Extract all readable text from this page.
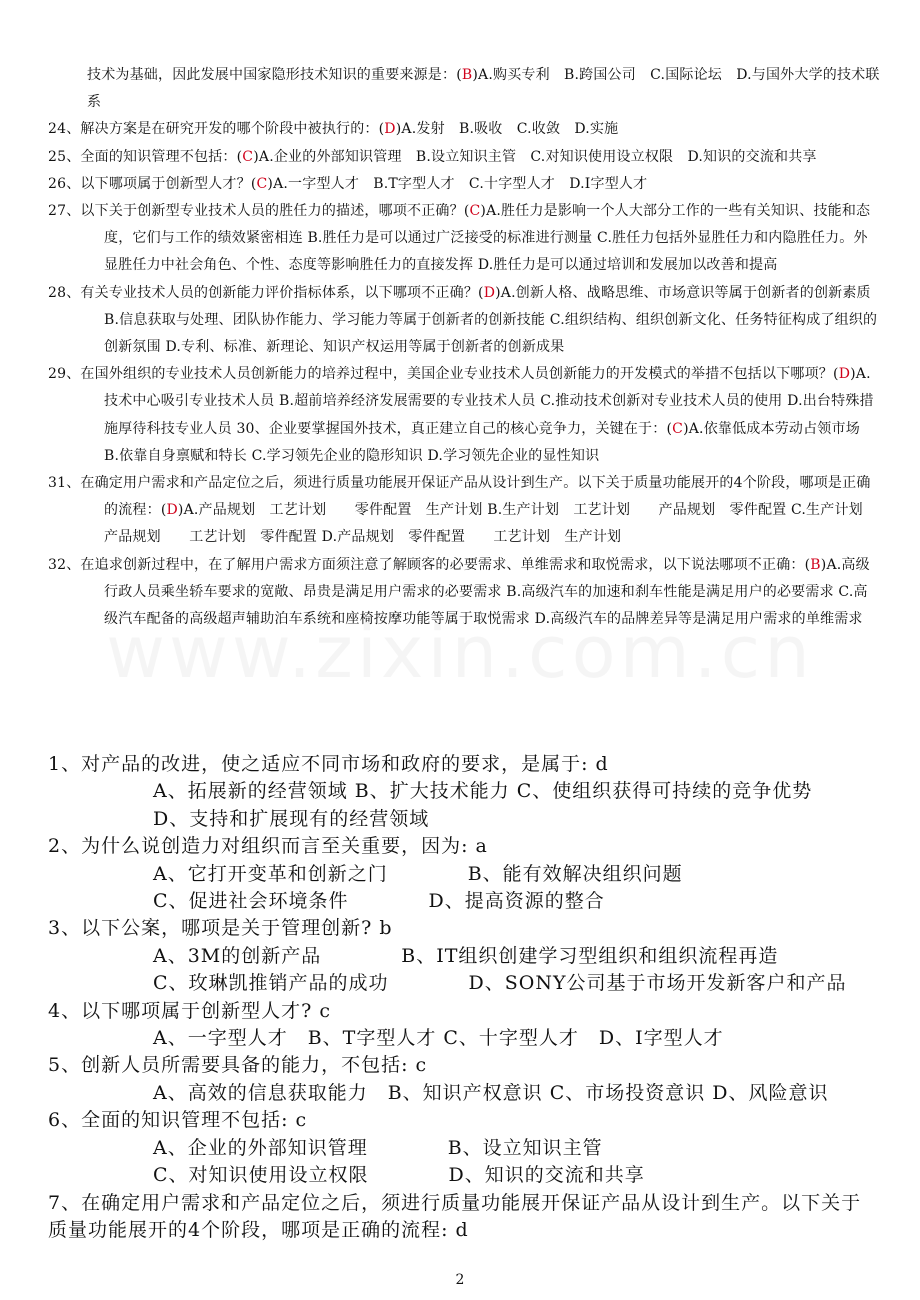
技术为基础，因此发展中国家隐形技术知识的重要来源是：(B)A.购买专利　B.跨国公司　C.国际论坛　D.与国外大学的技术联系

24、解决方案是在研究开发的哪个阶段中被执行的：(D)A.发射　B.吸收　C.收敛　D.实施

25、全面的知识管理不包括：(C)A.企业的外部知识管理　B.设立知识主管　C.对知识使用设立权限　D.知识的交流和共享

26、以下哪项属于创新型人才？(C)A.一字型人才　B.T字型人才　C.十字型人才　D.I字型人才

27、以下关于创新型专业技术人员的胜任力的描述，哪项不正确？(C)A.胜任力是影响一个人大部分工作的一些有关知识、技能和态度，它们与工作的绩效紧密相连 B.胜任力是可以通过广泛接受的标准进行测量 C.胜任力包括外显胜任力和内隐胜任力。外显胜任力中社会角色、个性、态度等影响胜任力的直接发挥 D.胜任力是可以通过培训和发展加以改善和提高

28、有关专业技术人员的创新能力评价指标体系，以下哪项不正确？(D)A.创新人格、战略思维、市场意识等属于创新者的创新素质 B.信息获取与处理、团队协作能力、学习能力等属于创新者的创新技能 C.组织结构、组织创新文化、任务特征构成了组织的创新氛围 D.专利、标准、新理论、知识产权运用等属于创新者的创新成果

29、在国外组织的专业技术人员创新能力的培养过程中，美国企业专业技术人员创新能力的开发模式的举措不包括以下哪项？(D)A.技术中心吸引专业技术人员 B.超前培养经济发展需要的专业技术人员 C.推动技术创新对专业技术人员的使用 D.出台特殊措施厚待科技专业人员 30、企业要掌握国外技术，真正建立自己的核心竞争力，关键在于：(C)A.依靠低成本劳动占领市场 B.依靠自身禀赋和特长 C.学习领先企业的隐形知识 D.学习领先企业的显性知识

31、在确定用户需求和产品定位之后，须进行质量功能展开保证产品从设计到生产。以下关于质量功能展开的4个阶段，哪项是正确的流程：(D)A.产品规划　工艺计划　　零件配置　生产计划 B.生产计划　工艺计划　　产品规划　零件配置 C.生产计划　产品规划　　工艺计划　零件配置 D.产品规划　零件配置　　工艺计划　生产计划

32、在追求创新过程中，在了解用户需求方面须注意了解顾客的必要需求、单维需求和取悦需求，以下说法哪项不正确：(B)A.高级行政人员乘坐轿车要求的宽敞、昂贵是满足用户需求的必要需求 B.高级汽车的加速和刹车性能是满足用户的必要需求 C.高级汽车配备的高级超声辅助泊车系统和座椅按摩功能等属于取悦需求 D.高级汽车的品牌差异等是满足用户需求的单维需求

1、对产品的改进，使之适应不同市场和政府的要求，是属于: d

A、拓展新的经营领域 B、扩大技术能力 C、使组织获得可持续的竞争优势

D、支持和扩展现有的经营领域

2、为什么说创造力对组织而言至关重要，因为: a

A、它打开变革和创新之门　　　　B、能有效解决组织问题

C、促进社会环境条件　　　　D、提高资源的整合

3、以下公案，哪项是关于管理创新? b

A、3M的创新产品　　　　B、IT组织创建学习型组织和组织流程再造

C、玫琳凯推销产品的成功　　　　D、SONY公司基于市场开发新客户和产品

4、以下哪项属于创新型人才? c

A、一字型人才　B、T字型人才 C、十字型人才　D、I字型人才

5、创新人员所需要具备的能力，不包括: c

A、高效的信息获取能力　B、知识产权意识 C、市场投资意识 D、风险意识

6、全面的知识管理不包括: c

A、企业的外部知识管理　　　　B、设立知识主管

C、对知识使用设立权限　　　　D、知识的交流和共享

7、在确定用户需求和产品定位之后，须进行质量功能展开保证产品从设计到生产。以下关于质量功能展开的4个阶段，哪项是正确的流程: d

2
